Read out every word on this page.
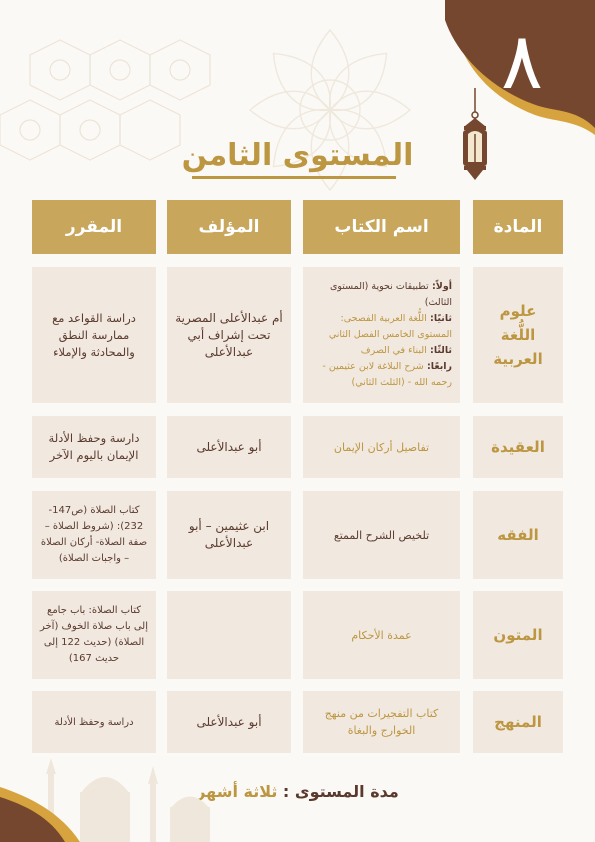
٨
المستوى الثامن
المادة
اسم الكتاب
المؤلف
المقرر
علوم اللُّغة العربية
أولاً: تطبيقات نحوية (المستوى الثالث)
ثانيًا: اللُّغة العربية الفصحى: المستوى الخامس الفصل الثاني
ثالثًا: البناء في الصرف
رابعًا: شرح البلاغة لابن عثيمين - رحمه الله - (الثلث الثاني)
أم عبدالأعلى المصرية تحت إشراف أبي عبدالأعلى
دراسة القواعد مع ممارسة النطق والمحادثة والإملاء
العقيدة
تفاصيل أركان الإيمان
أبو عبدالأعلى
دارسة وحفظ الأدلة الإيمان باليوم الآخر
الفقه
تلخيص الشرح الممتع
ابن عثيمين – أبو عبدالأعلى
كتاب الصلاة (ص147-232): (شروط الصلاة – صفة الصلاة- أركان الصلاة – واجبات الصلاة)
المتون
عمدة الأحكام
كتاب الصلاة: باب جامع إلى باب صلاة الخوف (آخر الصلاة) (حديث 122 إلى حديث 167)
المنهج
كتاب التفجيرات من منهج الخوارج والبغاة
أبو عبدالأعلى
دراسة وحفظ الأدلة
مدة المستوى : ثلاثة أشهر
